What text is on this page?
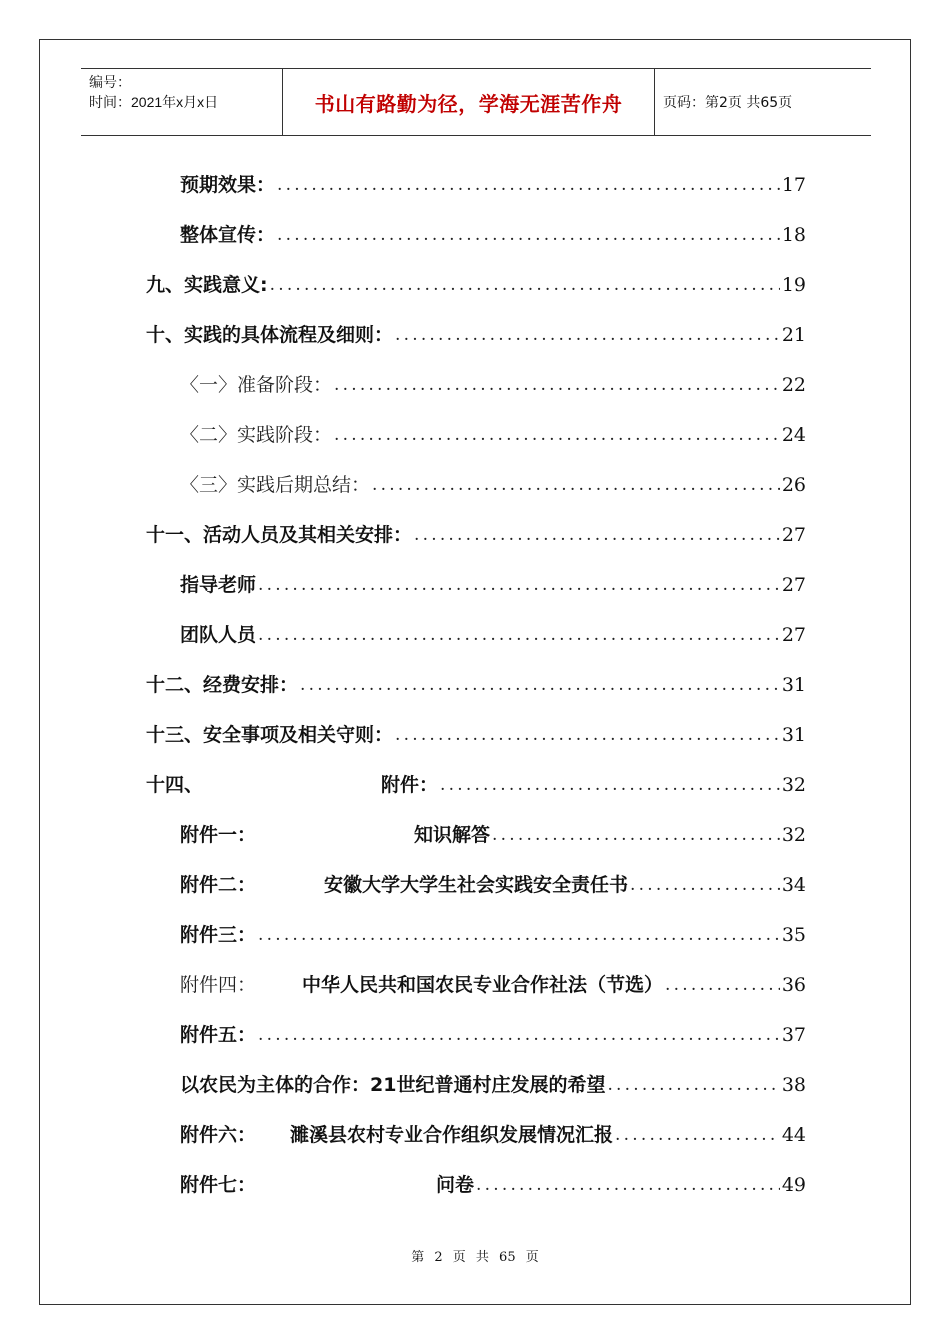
编号：
时间：2021年x月x日	书山有路勤为径，学海无涯苦作舟	页码：第2页 共65页
预期效果： .....	17
整体宣传： .....	18
九、实践意义: .....	19
十、实践的具体流程及细则： .....	21
〈一〉准备阶段： .....	22
〈二〉实践阶段： .....	24
〈三〉实践后期总结： .....	26
十一、活动人员及其相关安排： .....	27
指导老师 .....	27
团队人员 .....	27
十二、经费安排： .....	31
十三、安全事项及相关守则： .....	31
十四、	附件： .....	32
附件一：	知识解答 .....	32
附件二：	安徽大学大学生社会实践安全责任书 .....	34
附件三： .....	35
附件四： 中华人民共和国农民专业合作社法（节选） .....	36
附件五： .....	37
以农民为主体的合作：21世纪普通村庄发展的希望 .....	38
附件六： 濉溪县农村专业合作组织发展情况汇报 .....	44
附件七：	问卷 .....	49
第 2 页 共 65 页
